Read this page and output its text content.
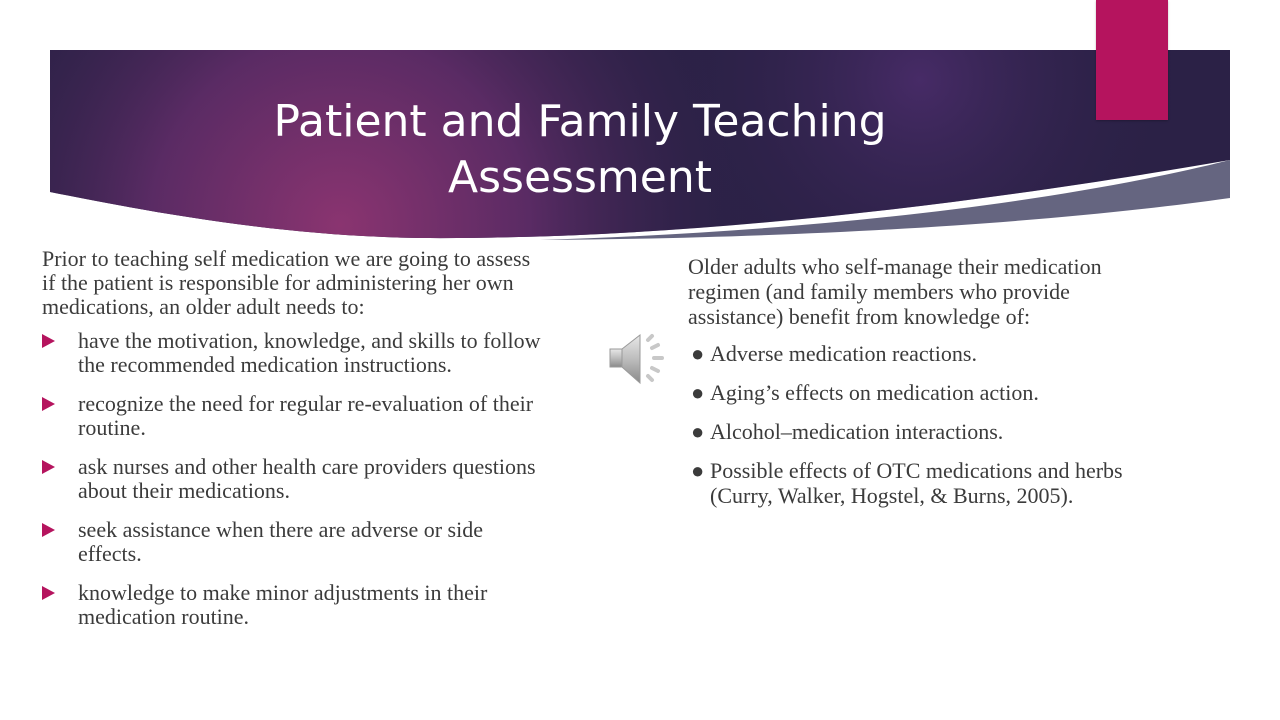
Patient and Family Teaching
Assessment

Prior to teaching self medication we are going to assess if the patient is responsible for administering her own medications, an older adult needs to:

have the motivation, knowledge, and skills to follow the recommended medication instructions.
recognize the need for regular re-evaluation of their routine.
ask nurses and other health care providers questions about their medications.
seek assistance when there are adverse or side effects.
knowledge to make minor adjustments in their medication routine.

Older adults who self-manage their medication regimen (and family members who provide assistance) benefit from knowledge of:

● Adverse medication reactions.
● Aging’s effects on medication action.
● Alcohol–medication interactions.
● Possible effects of OTC medications and herbs (Curry, Walker, Hogstel, & Burns, 2005).
